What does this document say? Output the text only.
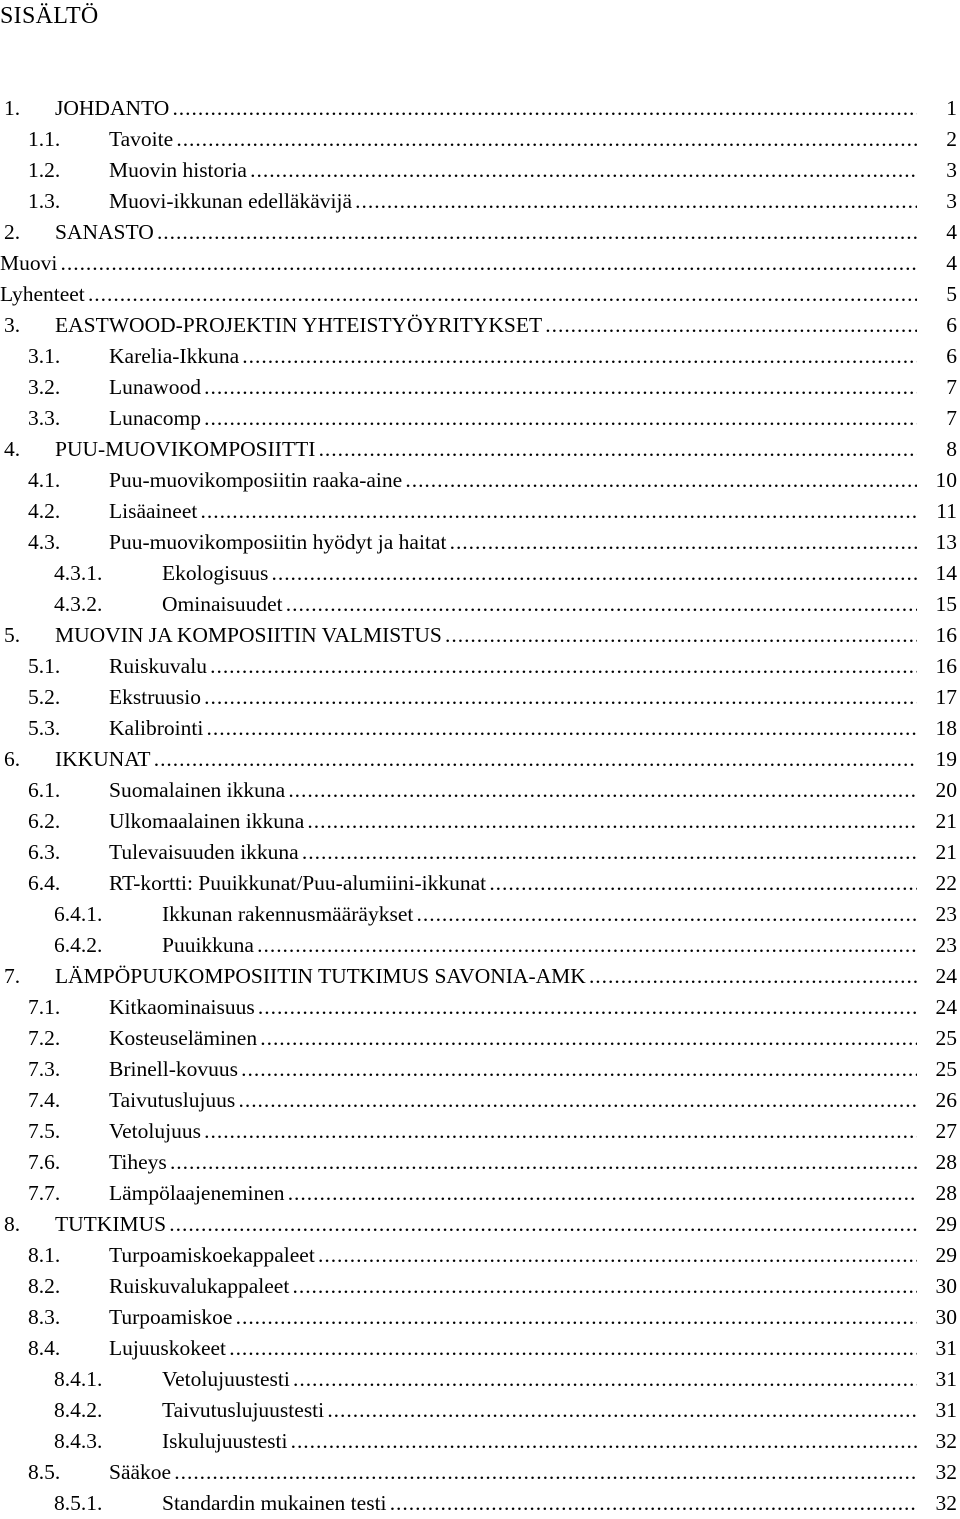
SISÄLTÖ
1. JOHDANTO . . .	1
1.1. Tavoite . . .	2
1.2. Muovin historia . . .	3
1.3. Muovi-ikkunan edelläkävijä . . .	3
2. SANASTO . . .	4
Muovi . . .	4
Lyhenteet . . .	5
3. EASTWOOD-PROJEKTIN YHTEISTYÖYRITYKSET . . .	6
3.1. Karelia-Ikkuna . . .	6
3.2. Lunawood . . .	7
3.3. Lunacomp . . .	7
4. PUU-MUOVIKOMPOSIITTI . . .	8
4.1. Puu-muovikomposiitin raaka-aine . . .	10
4.2. Lisäaineet . . .	11
4.3. Puu-muovikomposiitin hyödyt ja haitat . . .	13
4.3.1.	Ekologisuus . . .	14
4.3.2.	Ominaisuudet . . .	15
5. MUOVIN JA KOMPOSIITIN VALMISTUS . . .	16
5.1. Ruiskuvalu . . .	16
5.2. Ekstruusio . . .	17
5.3. Kalibrointi . . .	18
6. IKKUNAT . . .	19
6.1. Suomalainen ikkuna . . .	20
6.2. Ulkomaalainen ikkuna . . .	21
6.3. Tulevaisuuden ikkuna . . .	21
6.4. RT-kortti: Puuikkunat/Puu-alumiini-ikkunat . . .	22
6.4.1.	Ikkunan rakennusmääräykset . . .	23
6.4.2.	Puuikkuna . . .	23
7. LÄMPÖPUUKOMPOSIITIN TUTKIMUS SAVONIA-AMK . . .	24
7.1. Kitkaominaisuus . . .	24
7.2. Kosteuseläminen . . .	25
7.3. Brinell-kovuus . . .	25
7.4. Taivutuslujuus . . .	26
7.5. Vetolujuus . . .	27
7.6. Tiheys . . .	28
7.7. Lämpölaajeneminen . . .	28
8. TUTKIMUS . . .	29
8.1. Turpoamiskoekappaleet . . .	29
8.2. Ruiskuvalukappaleet . . .	30
8.3. Turpoamiskoe . . .	30
8.4. Lujuuskokeet . . .	31
8.4.1.	Vetolujuustesti . . .	31
8.4.2.	Taivutuslujuustesti . . .	31
8.4.3.	Iskulujuustesti . . .	32
8.5. Sääkoe . . .	32
8.5.1.	Standardin mukainen testi . . .	32
